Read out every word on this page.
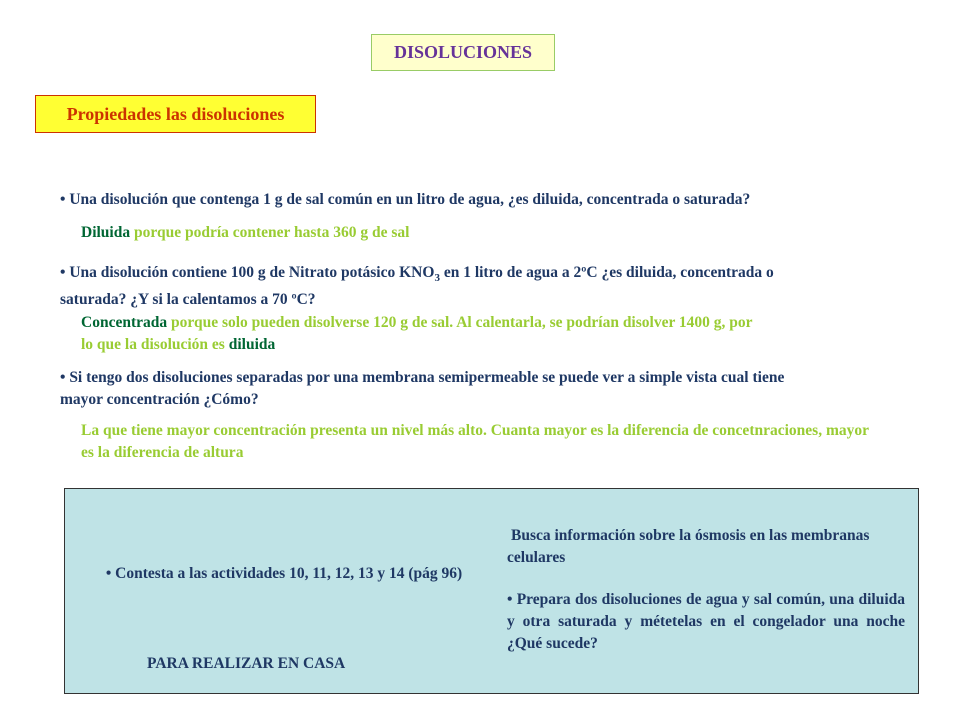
DISOLUCIONES
Propiedades las disoluciones
• Una disolución que contenga 1 g de sal común en un litro de agua, ¿es diluida, concentrada o saturada?
Diluida porque podría contener hasta 360 g de sal
• Una disolución contiene 100 g de Nitrato potásico $KNO_3$ en 1 litro de agua a 2ºC ¿es diluida, concentrada o saturada? ¿Y si la calentamos a 70 ºC?
Concentrada porque solo pueden disolverse 120 g de sal. Al calentarla, se podrían disolver 1400 g, por lo que la disolución es diluida
• Si tengo dos disoluciones separadas por una membrana semipermeable se puede ver a simple vista cual tiene mayor concentración ¿Cómo?
La que tiene mayor concentración presenta un nivel más alto. Cuanta mayor es la diferencia de concetnraciones, mayor es la diferencia de altura
• Contesta a las actividades 10, 11, 12, 13 y 14 (pág 96)
PARA REALIZAR EN CASA
Busca información sobre la ósmosis en las membranas celulares
• Prepara dos disoluciones de agua y sal común, una diluida y otra saturada y métetelas en el congelador una noche ¿Qué sucede?
